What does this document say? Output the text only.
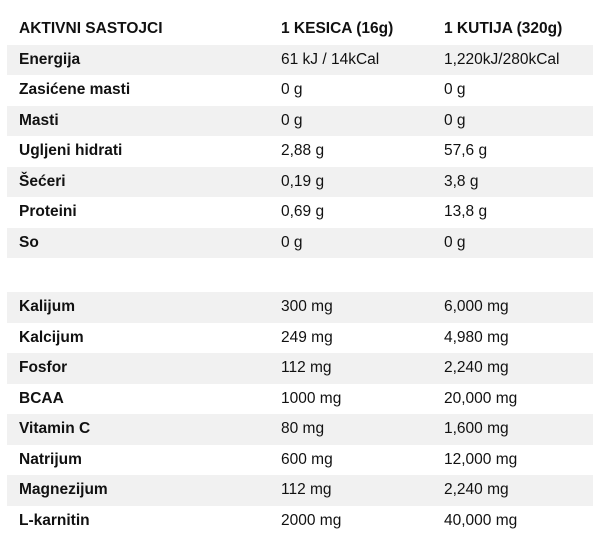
AKTIVNI SASTOJCI	1 KESICA (16g)	1 KUTIJA (320g)
Energija	61 kJ / 14kCal	1,220kJ/280kCal
Zasićene masti	0 g	0 g
Masti	0 g	0 g
Ugljeni hidrati	2,88 g	57,6 g
Šećeri	0,19 g	3,8 g
Proteini	0,69 g	13,8 g
So	0 g	0 g
Kalijum	300 mg	6,000 mg
Kalcijum	249 mg	4,980 mg
Fosfor	112 mg	2,240 mg
BCAA	1000 mg	20,000 mg
Vitamin C	80 mg	1,600 mg
Natrijum	600 mg	12,000 mg
Magnezijum	112 mg	2,240 mg
L-karnitin	2000 mg	40,000 mg
